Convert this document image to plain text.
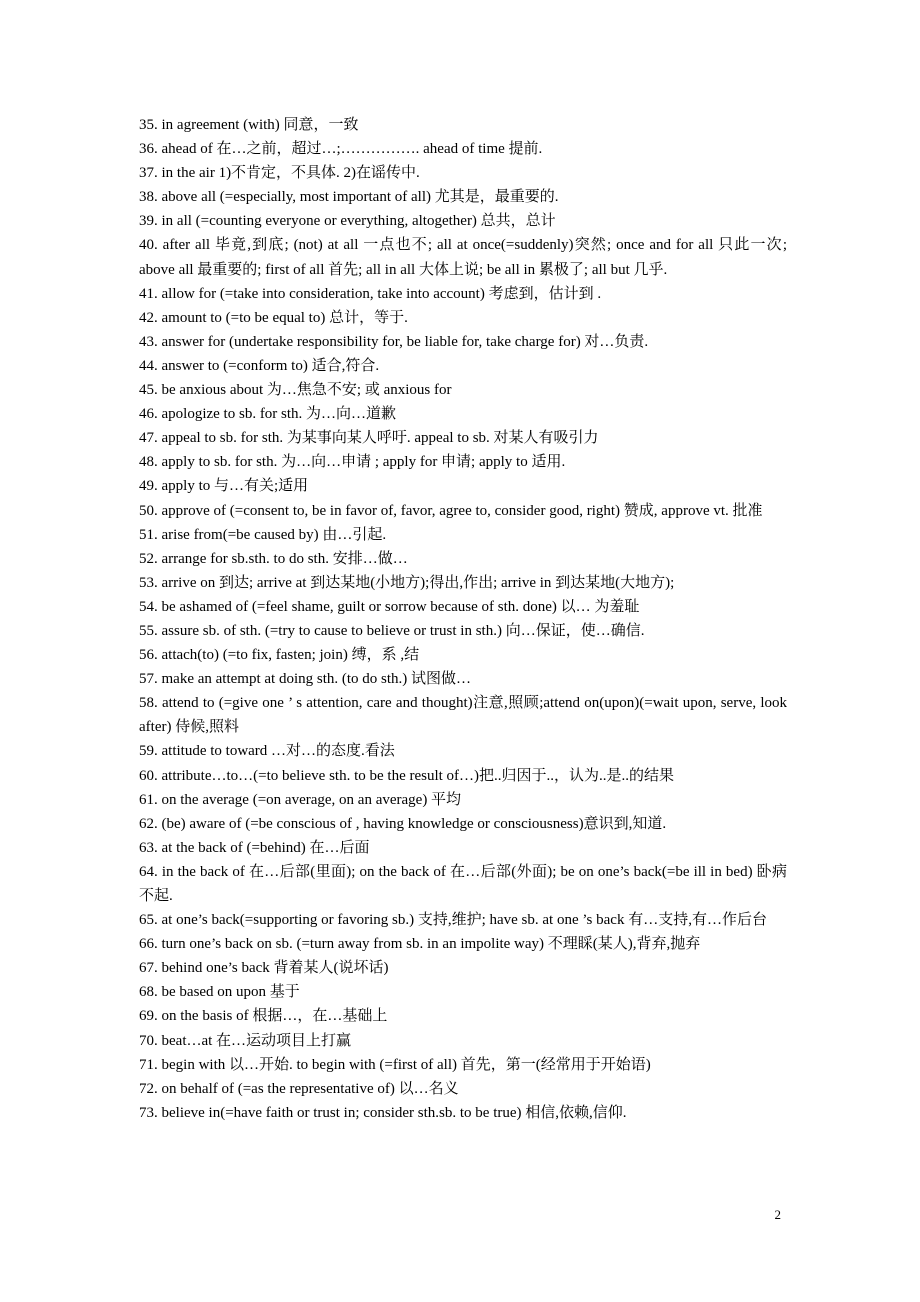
35. in agreement (with) 同意，一致

36. ahead of 在…之前，超过…;……………. ahead of time 提前.

37. in the air 1)不肯定，不具体. 2)在谣传中.

38. above all (=especially, most important of all) 尤其是，最重要的.

39. in all (=counting everyone or everything, altogether) 总共，总计

40. after all 毕竟,到底; (not) at all 一点也不; all at once(=suddenly)突然; once and for all 只此一次; above all 最重要的; first of all 首先; all in all 大体上说; be all in 累极了; all but 几乎.

41. allow for (=take into consideration, take into account) 考虑到，估计到 .

42. amount to (=to be equal to) 总计，等于.

43. answer for (undertake responsibility for, be liable for, take charge for) 对…负责.

44. answer to (=conform to) 适合,符合.

45. be anxious about 为…焦急不安; 或 anxious for

46. apologize to sb. for sth. 为…向…道歉

47. appeal to sb. for sth. 为某事向某人呼吁. appeal to sb. 对某人有吸引力

48. apply to sb. for sth. 为…向…申请 ; apply for 申请; apply to 适用.

49. apply to 与…有关;适用

50. approve of (=consent to, be in favor of, favor, agree to, consider good, right) 赞成, approve vt. 批准

51. arise from(=be caused by) 由…引起.

52. arrange for sb.sth. to do sth. 安排…做…

53. arrive on 到达; arrive at 到达某地(小地方);得出,作出; arrive in 到达某地(大地方);

54. be ashamed of (=feel shame, guilt or sorrow because of sth. done) 以… 为羞耻

55. assure sb. of sth. (=try to cause to believe or trust in sth.) 向…保证，使…确信.

56. attach(to) (=to fix, fasten; join) 缚，系 ,结

57. make an attempt at doing sth. (to do sth.) 试图做…

58. attend to (=give one ’ s attention, care and thought)注意,照顾;attend on(upon)(=wait upon, serve, look after) 侍候,照料

59. attitude to toward …对…的态度.看法

60. attribute…to…(=to believe sth. to be the result of…)把..归因于..，认为..是..的结果

61. on the average (=on average, on an average) 平均

62. (be) aware of (=be conscious of , having knowledge or consciousness)意识到,知道.

63. at the back of (=behind) 在…后面

64. in the back of 在…后部(里面); on the back of 在…后部(外面); be on one’s back(=be ill in bed) 卧病不起.

65. at one’s back(=supporting or favoring sb.) 支持,维护; have sb. at one ’s back 有…支持,有…作后台

66. turn one’s back on sb. (=turn away from sb. in an impolite way) 不理睬(某人),背弃,抛弃

67. behind one’s back 背着某人(说坏话)

68. be based on upon 基于

69. on the basis of 根据…，在…基础上

70. beat…at 在…运动项目上打赢

71. begin with 以…开始. to begin with (=first of all) 首先，第一(经常用于开始语)

72. on behalf of (=as the representative of) 以…名义

73. believe in(=have faith or trust in; consider sth.sb. to be true) 相信,依赖,信仰.

2
